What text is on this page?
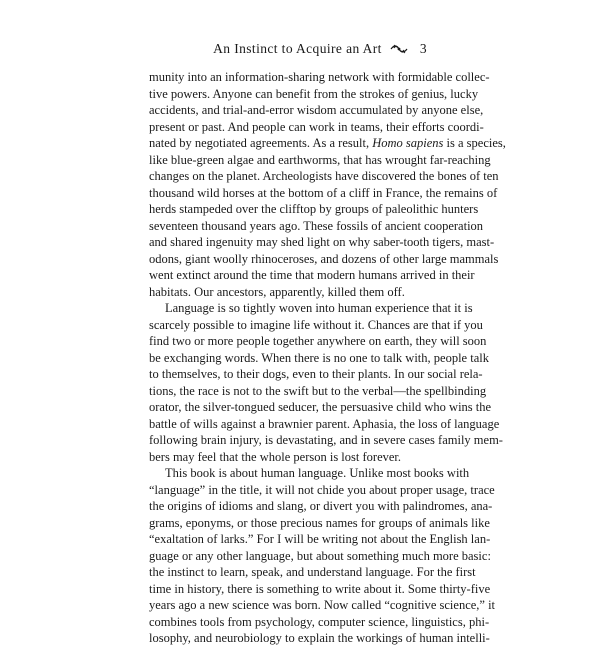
An Instinct to Acquire an Art	3
munity into an information-sharing network with formidable collec-
tive powers. Anyone can benefit from the strokes of genius, lucky
accidents, and trial-and-error wisdom accumulated by anyone else,
present or past. And people can work in teams, their efforts coordi-
nated by negotiated agreements. As a result, Homo sapiens is a species,
like blue-green algae and earthworms, that has wrought far-reaching
changes on the planet. Archeologists have discovered the bones of ten
thousand wild horses at the bottom of a cliff in France, the remains of
herds stampeded over the clifftop by groups of paleolithic hunters
seventeen thousand years ago. These fossils of ancient cooperation
and shared ingenuity may shed light on why saber-tooth tigers, mast-
odons, giant woolly rhinoceroses, and dozens of other large mammals
went extinct around the time that modern humans arrived in their
habitats. Our ancestors, apparently, killed them off.
Language is so tightly woven into human experience that it is
scarcely possible to imagine life without it. Chances are that if you
find two or more people together anywhere on earth, they will soon
be exchanging words. When there is no one to talk with, people talk
to themselves, to their dogs, even to their plants. In our social rela-
tions, the race is not to the swift but to the verbal—the spellbinding
orator, the silver-tongued seducer, the persuasive child who wins the
battle of wills against a brawnier parent. Aphasia, the loss of language
following brain injury, is devastating, and in severe cases family mem-
bers may feel that the whole person is lost forever.
This book is about human language. Unlike most books with
“language” in the title, it will not chide you about proper usage, trace
the origins of idioms and slang, or divert you with palindromes, ana-
grams, eponyms, or those precious names for groups of animals like
“exaltation of larks.” For I will be writing not about the English lan-
guage or any other language, but about something much more basic:
the instinct to learn, speak, and understand language. For the first
time in history, there is something to write about it. Some thirty-five
years ago a new science was born. Now called “cognitive science,” it
combines tools from psychology, computer science, linguistics, phi-
losophy, and neurobiology to explain the workings of human intelli-
